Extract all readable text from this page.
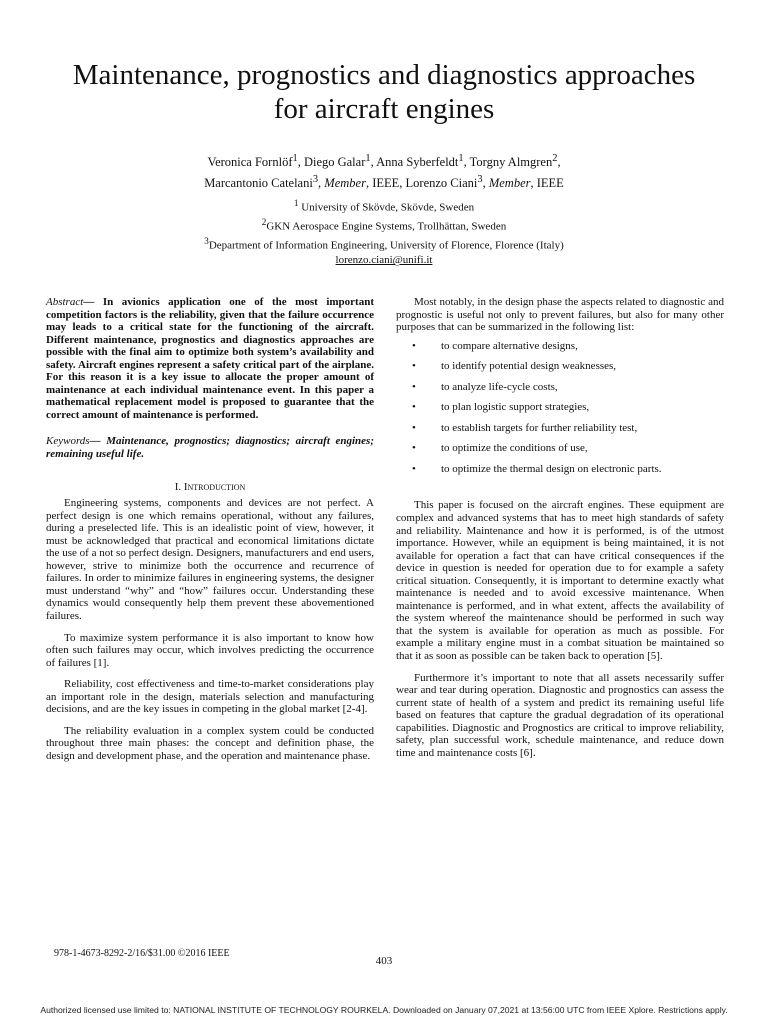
Maintenance, prognostics and diagnostics approaches
for aircraft engines
Veronica Fornlöf$^1$, Diego Galar$^1$, Anna Syberfeldt$^1$, Torgny Almgren$^2$,
Marcantonio Catelani$^3$, Member, IEEE, Lorenzo Ciani$^3$, Member, IEEE
$^1$ University of Skövde, Skövde, Sweden
$^2$GKN Aerospace Engine Systems, Trollhättan, Sweden
$^3$Department of Information Engineering, University of Florence, Florence (Italy)
lorenzo.ciani@unifi.it

Abstract— In avionics application one of the most important competition factors is the reliability, given that the failure occurrence may leads to a critical state for the functioning of the aircraft. Different maintenance, prognostics and diagnostics approaches are possible with the final aim to optimize both system’s availability and safety. Aircraft engines represent a safety critical part of the airplane. For this reason it is a key issue to allocate the proper amount of maintenance at each individual maintenance event. In this paper a mathematical replacement model is proposed to guarantee that the correct amount of maintenance is performed.

Keywords— Maintenance, prognostics; diagnostics; aircraft engines; remaining useful life.

I. Introduction

Engineering systems, components and devices are not perfect. A perfect design is one which remains operational, without any failures, during a preselected life. This is an idealistic point of view, however, it must be acknowledged that practical and economical limitations dictate the use of a not so perfect design. Designers, manufacturers and end users, however, strive to minimize both the occurrence and recurrence of failures. In order to minimize failures in engineering systems, the designer must understand “why” and “how” failures occur. Understanding these dynamics would consequently help them prevent these abovementioned failures.

To maximize system performance it is also important to know how often such failures may occur, which involves predicting the occurrence of failures [1].

Reliability, cost effectiveness and time-to-market considerations play an important role in the design, materials selection and manufacturing decisions, and are the key issues in competing in the global market [2-4].

The reliability evaluation in a complex system could be conducted throughout three main phases: the concept and definition phase, the design and development phase, and the operation and maintenance phase.

Most notably, in the design phase the aspects related to diagnostic and prognostic is useful not only to prevent failures, but also for many other purposes that can be summarized in the following list:

• to compare alternative designs,
• to identify potential design weaknesses,
• to analyze life-cycle costs,
• to plan logistic support strategies,
• to establish targets for further reliability test,
• to optimize the conditions of use,
• to optimize the thermal design on electronic parts.

This paper is focused on the aircraft engines. These equipment are complex and advanced systems that has to meet high standards of safety and reliability. Maintenance and how it is performed, is of the utmost importance. However, while an equipment is being maintained, it is not available for operation a fact that can have critical consequences if the device in question is needed for operation due to for example a safety critical situation. Consequently, it is important to determine exactly what maintenance is needed and to avoid excessive maintenance. When maintenance is performed, and in what extent, affects the availability of the system whereof the maintenance should be performed in such way that the system is available for operation as much as possible. For example a military engine must in a combat situation be maintained so that it as soon as possible can be taken back to operation [5].

Furthermore it’s important to note that all assets necessarily suffer wear and tear during operation. Diagnostic and prognostics can assess the current state of health of a system and predict its remaining useful life based on features that capture the gradual degradation of its operational capabilities. Diagnostic and Prognostics are critical to improve reliability, safety, plan successful work, schedule maintenance, and reduce down time and maintenance costs [6].

978-1-4673-8292-2/16/$31.00 ©2016 IEEE
403
Authorized licensed use limited to: NATIONAL INSTITUTE OF TECHNOLOGY ROURKELA. Downloaded on January 07,2021 at 13:56:00 UTC from IEEE Xplore. Restrictions apply.
